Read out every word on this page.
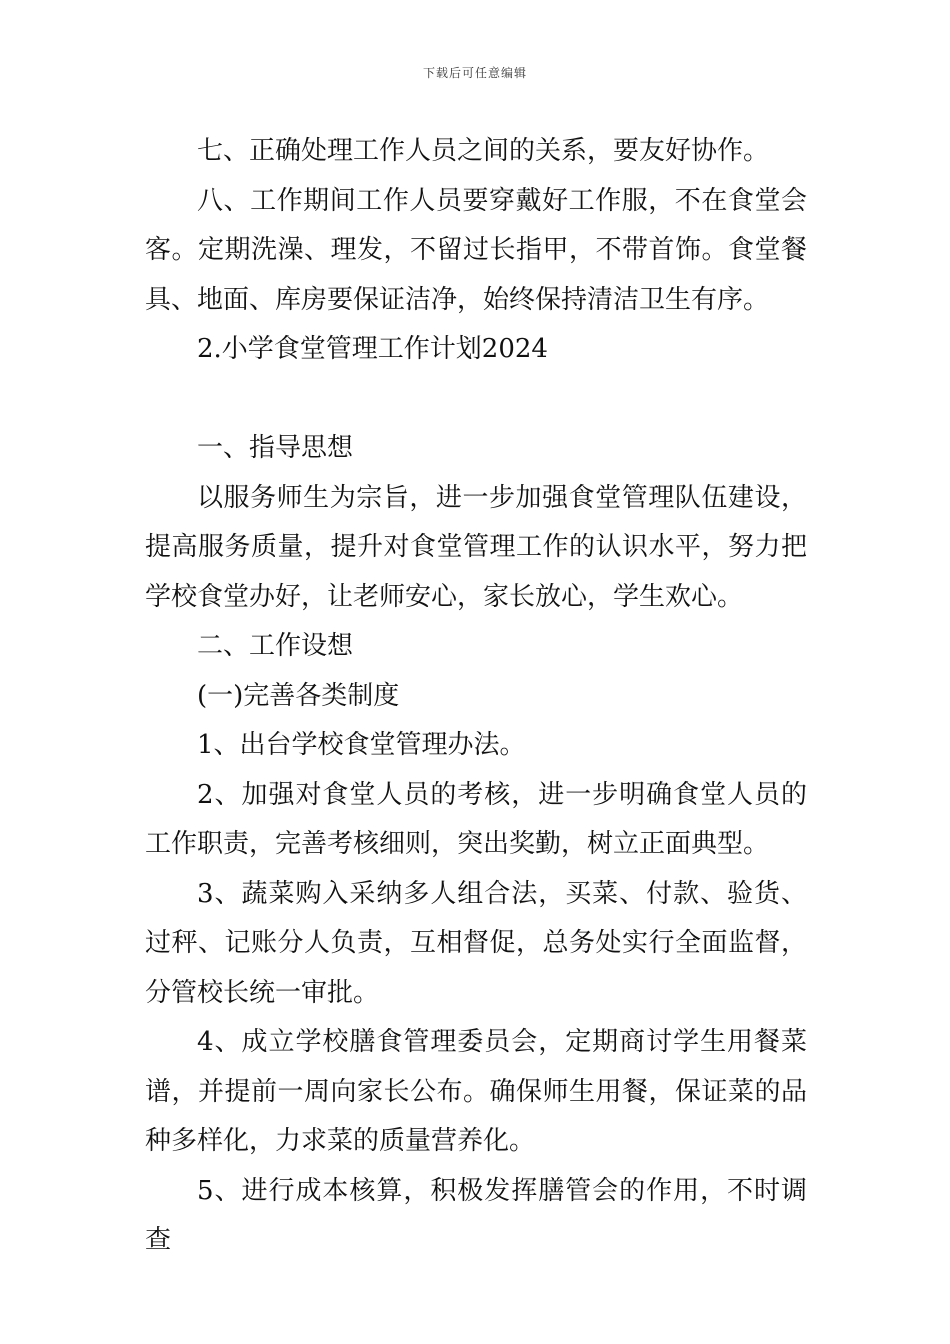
下载后可任意编辑

七、正确处理工作人员之间的关系，要友好协作。

八、工作期间工作人员要穿戴好工作服，不在食堂会客。定期洗澡、理发，不留过长指甲，不带首饰。食堂餐具、地面、库房要保证洁净，始终保持清洁卫生有序。

2.小学食堂管理工作计划2024

一、指导思想

以服务师生为宗旨，进一步加强食堂管理队伍建设，提高服务质量，提升对食堂管理工作的认识水平，努力把学校食堂办好，让老师安心，家长放心，学生欢心。

二、工作设想

(一)完善各类制度

1、出台学校食堂管理办法。

2、加强对食堂人员的考核，进一步明确食堂人员的工作职责，完善考核细则，突出奖勤，树立正面典型。

3、蔬菜购入采纳多人组合法，买菜、付款、验货、过秤、记账分人负责，互相督促，总务处实行全面监督，分管校长统一审批。

4、成立学校膳食管理委员会，定期商讨学生用餐菜谱，并提前一周向家长公布。确保师生用餐，保证菜的品种多样化，力求菜的质量营养化。

5、进行成本核算，积极发挥膳管会的作用，不时调查
